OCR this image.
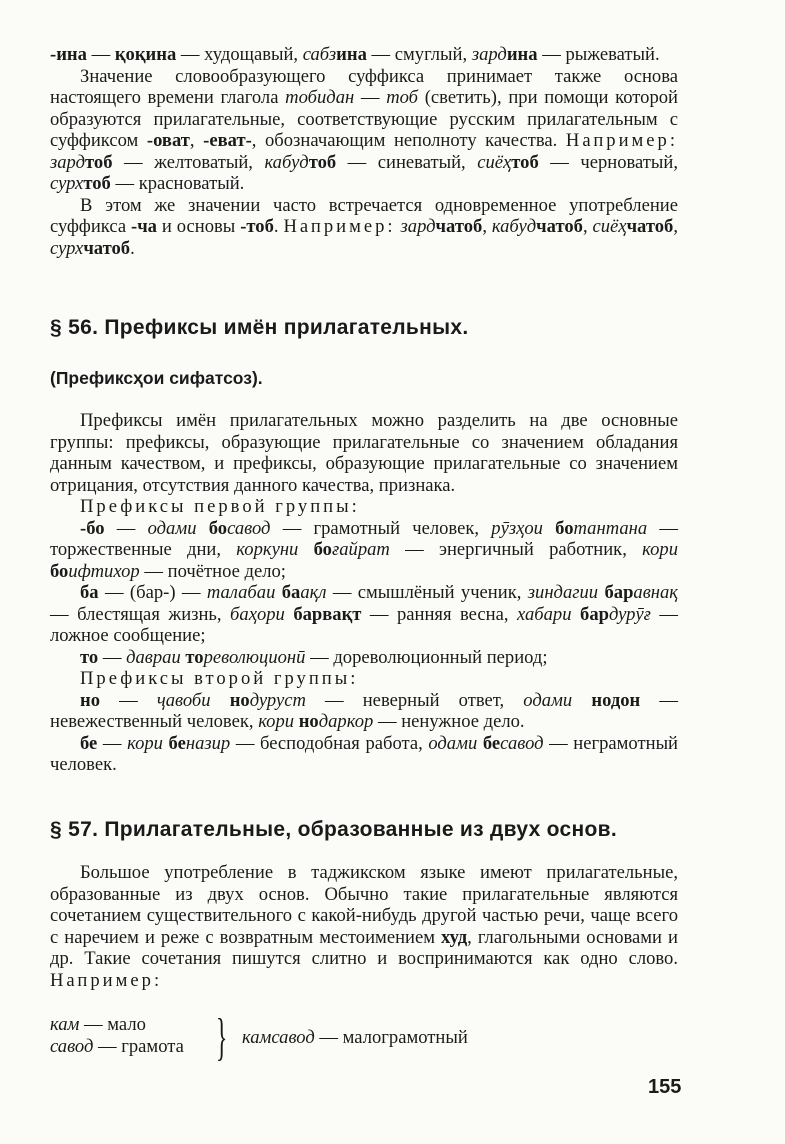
-ина — қоқина — худощавый, сабзина — смуглый, зардина — рыжеватый.

Значение словообразующего суффикса принимает также основа настоящего времени глагола тобидан — тоб (светить), при помощи которой образуются прилагательные, соответствующие русским прилагательным с суффиксом -оват, -еват-, обозначающим неполноту качества. Например: зардтоб — желтоватый, кабудтоб — синеватый, сиёҳтоб — черноватый, сурхтоб — красноватый.

В этом же значении часто встречается одновременное употребление суффикса -ча и основы -тоб. Например: зардчатоб, кабудчатоб, сиёҳчатоб, сурхчатоб.

§ 56. Префиксы имён прилагательных.
(Префиксҳои сифатсоз).

Префиксы имён прилагательных можно разделить на две основные группы: префиксы, образующие прилагательные со значением обладания данным качеством, и префиксы, образующие прилагательные со значением отрицания, отсутствия данного качества, признака.

Префиксы первой группы:

-бо — одами босавод — грамотный человек, рӯзҳои ботантана — торжественные дни, коркуни боғайрат — энергичный работник, кори боифтихор — почётное дело;

ба — (бар-) — талабаи баақл — смышлёный ученик, зиндагии баравнақ — блестящая жизнь, баҳори барвақт — ранняя весна, хабари бардурӯғ — ложное сообщение;

то — давраи тореволюционӣ — дореволюционный период;

Префиксы второй группы:

но — ҷавоби нодуруст — неверный ответ, одами нодон — невежественный человек, кори нодаркор — ненужное дело.

бе — кори беназир — бесподобная работа, одами бесавод — неграмотный человек.

§ 57. Прилагательные, образованные из двух основ.

Большое употребление в таджикском языке имеют прилагательные, образованные из двух основ. Обычно такие прилагательные являются сочетанием существительного с какой-нибудь другой частью речи, чаще всего с наречием и реже с возвратным местоимением худ, глагольными основами и др. Такие сочетания пишутся слитно и воспринимаются как одно слово. Например:

кам — мало
савод — грамота } камсавод — малограмотный
155
